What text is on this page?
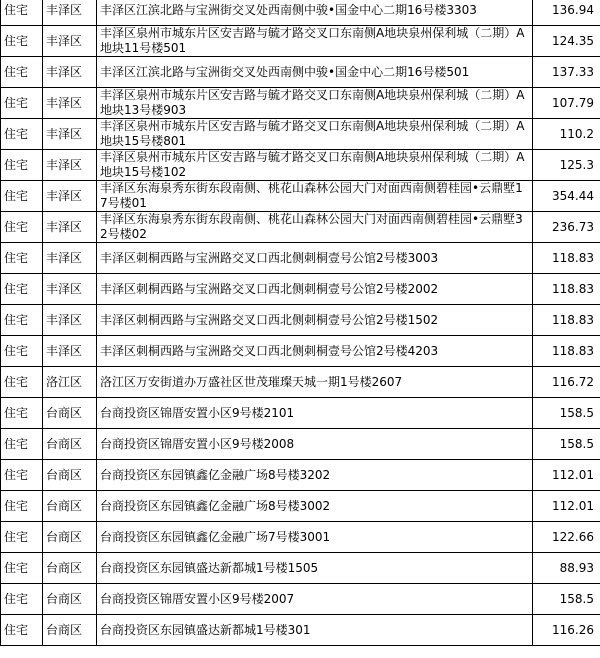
住宅	丰泽区	丰泽区江滨北路与宝洲街交叉处西南侧中骏•国金中心二期16号楼3303	136.94
住宅	丰泽区	丰泽区泉州市城东片区安吉路与毓才路交叉口东南侧A地块泉州保利城（二期）A地块11号楼501	124.35
住宅	丰泽区	丰泽区江滨北路与宝洲街交叉处西南侧中骏•国金中心二期16号楼501	137.33
住宅	丰泽区	丰泽区泉州市城东片区安吉路与毓才路交叉口东南侧A地块泉州保利城（二期）A地块13号楼903	107.79
住宅	丰泽区	丰泽区泉州市城东片区安吉路与毓才路交叉口东南侧A地块泉州保利城（二期）A地块15号楼801	110.2
住宅	丰泽区	丰泽区泉州市城东片区安吉路与毓才路交叉口东南侧A地块泉州保利城（二期）A地块15号楼102	125.3
住宅	丰泽区	丰泽区东海泉秀东街东段南侧、桃花山森林公园大门对面西南侧碧桂园•云鼎墅17号楼01	354.44
住宅	丰泽区	丰泽区东海泉秀东街东段南侧、桃花山森林公园大门对面西南侧碧桂园•云鼎墅32号楼02	236.73
住宅	丰泽区	丰泽区刺桐西路与宝洲路交叉口西北侧刺桐壹号公馆2号楼3003	118.83
住宅	丰泽区	丰泽区刺桐西路与宝洲路交叉口西北侧刺桐壹号公馆2号楼2002	118.83
住宅	丰泽区	丰泽区刺桐西路与宝洲路交叉口西北侧刺桐壹号公馆2号楼1502	118.83
住宅	丰泽区	丰泽区刺桐西路与宝洲路交叉口西北侧刺桐壹号公馆2号楼4203	118.83
住宅	洛江区	洛江区万安街道办万盛社区世茂璀璨天城一期1号楼2607	116.72
住宅	台商区	台商投资区锦厝安置小区9号楼2101	158.5
住宅	台商区	台商投资区锦厝安置小区9号楼2008	158.5
住宅	台商区	台商投资区东园镇鑫亿金融广场8号楼3202	112.01
住宅	台商区	台商投资区东园镇鑫亿金融广场8号楼3002	112.01
住宅	台商区	台商投资区东园镇鑫亿金融广场7号楼3001	122.66
住宅	台商区	台商投资区东园镇盛达新都城1号楼1505	88.93
住宅	台商区	台商投资区锦厝安置小区9号楼2007	158.5
住宅	台商区	台商投资区东园镇盛达新都城1号楼301	116.26
